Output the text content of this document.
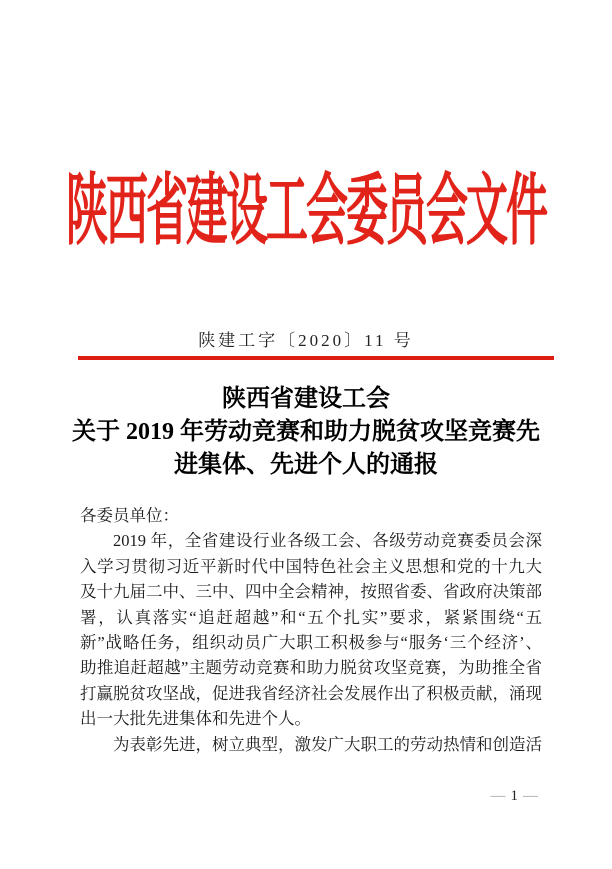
陕西省建设工会委员会文件
陕建工字〔2020〕11 号
陕西省建设工会
关于 2019 年劳动竞赛和助力脱贫攻坚竞赛先
进集体、先进个人的通报
各委员单位：
2019 年，全省建设行业各级工会、各级劳动竞赛委员会深
入学习贯彻习近平新时代中国特色社会主义思想和党的十九大
及十九届二中、三中、四中全会精神，按照省委、省政府决策部
署，认真落实“追赶超越”和“五个扎实”要求，紧紧围绕“五
新”战略任务，组织动员广大职工积极参与“服务‘三个经济’、
助推追赶超越”主题劳动竞赛和助力脱贫攻坚竞赛，为助推全省
打赢脱贫攻坚战，促进我省经济社会发展作出了积极贡献，涌现
出一大批先进集体和先进个人。
为表彰先进，树立典型，激发广大职工的劳动热情和创造活
— 1 —
